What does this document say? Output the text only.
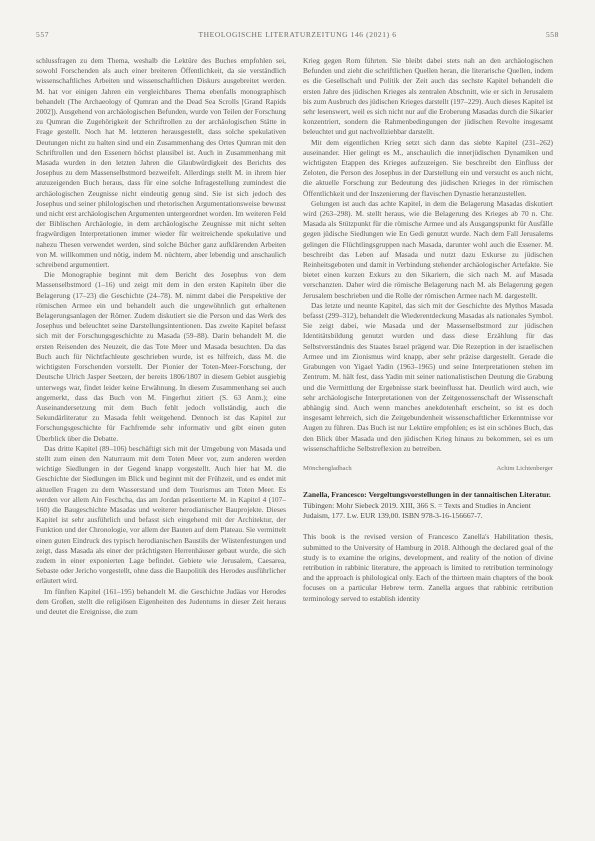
557	THEOLOGISCHE LITERATURZEITUNG 146 (2021) 6	558

schlussfragen zu dem Thema, weshalb die Lektüre des Buches empfohlen sei, sowohl Forschenden als auch einer breiteren Öffentlichkeit, da sie verständlich wissenschaftliches Arbeiten und wissenschaftlichen Diskurs ausgebreitet werden. M. hat vor einigen Jahren ein vergleichbares Thema ebenfalls monographisch behandelt (The Archaeology of Qumran and the Dead Sea Scrolls [Grand Rapids 2002]). Ausgehend von archäologischen Befunden, wurde von Teilen der Forschung zu Qumran die Zugehörigkeit der Schriftrollen zu der archäologischen Stätte in Frage gestellt. Noch hat M. letzteren herausgestellt, dass solche spekulativen Deutungen nicht zu halten sind und ein Zusammenhang des Ortes Qumran mit den Schriftrollen und den Essenern höchst plausibel ist. Auch in Zusammenhang mit Masada wurden in den letzten Jahren die Glaubwürdigkeit des Berichts des Josephus zu dem Massenselbstmord bezweifelt. Allerdings stellt M. in ihrem hier anzuzeigenden Buch heraus, dass für eine solche Infragestellung zumindest die archäologischen Zeugnisse nicht eindeutig genug sind. Sie ist sich jedoch des Josephus und seiner philologischen und rhetorischen Argumentationsweise bewusst und nicht erst archäologischen Argumenten untergeordnet worden. Im weiteren Feld der Biblischen Archäologie, in dem archäologische Zeugnisse mit nicht selten fragwürdigen Interpretationen immer wieder für weitreichende spekulative und nahezu Thesen verwendet werden, sind solche Bücher ganz aufklärenden Arbeiten von M. willkommen und nötig, indem M. nüchtern, aber lebendig und anschaulich schreibend argumentiert.

Die Monographie beginnt mit dem Bericht des Josephus von dem Massenselbstmord (1–16) und zeigt mit dem in den ersten Kapiteln über die Belagerung (17–23) die Geschichte (24–78). M. nimmt dabei die Perspektive der römischen Armee ein und behandelt auch die ungewöhnlich gut erhaltenen Belagerungsanlagen der Römer. Zudem diskutiert sie die Person und das Werk des Josephus und beleuchtet seine Darstellungsintentionen. Das zweite Kapitel befasst sich mit der Forschungsgeschichte zu Masada (59–88). Darin behandelt M. die ersten Reisenden des Neuzeit, die das Tote Meer und Masada besuchten. Da das Buch auch für Nichtfachleute geschrieben wurde, ist es hilfreich, dass M. die wichtigsten Forschenden vorstellt. Der Pionier der Toten-Meer-Forschung, der Deutsche Ulrich Jasper Seetzen, der bereits 1806/1807 in diesem Gebiet ausgiebig unterwegs war, findet leider keine Erwähnung. In diesem Zusammenhang sei auch angemerkt, dass das Buch von M. Fingerhut zitiert (S. 63 Anm.); eine Auseinandersetzung mit dem Buch fehlt jedoch vollständig, auch die Sekundärliteratur zu Masada fehlt weitgehend. Dennoch ist das Kapitel zur Forschungsgeschichte für Fachfremde sehr informativ und gibt einen guten Überblick über die Debatte.

Das dritte Kapitel (89–106) beschäftigt sich mit der Umgebung von Masada und stellt zum einen den Naturraum mit dem Toten Meer vor, zum anderen werden wichtige Siedlungen in der Gegend knapp vorgestellt. Auch hier hat M. die Geschichte der Siedlungen im Blick und beginnt mit der Frühzeit, und es endet mit aktuellen Fragen zu dem Wasserstand und dem Tourismus am Toten Meer. Es werden vor allem Ain Feschcha, das am Jordan präsentierte M. in Kapitel 4 (107–160) die Baugeschichte Masadas und weiterer herodianischer Bauprojekte. Dieses Kapitel ist sehr ausführlich und befasst sich eingehend mit der Architektur, der Funktion und der Chronologie, vor allem der Bauten auf dem Plateau. Sie vermittelt einen guten Eindruck des typisch herodianischen Baustils der Wüstenfestungen und zeigt, dass Masada als einer der prächtigsten Herrenhäuser gebaut wurde, die sich zudem in einer exponierten Lage befindet. Gebiete wie Jerusalem, Caesarea, Sebaste oder Jericho vorgestellt, ohne dass die Baupolitik des Herodes ausführlicher erläutert wird.

Im fünften Kapitel (161–195) behandelt M. die Geschichte Judäas vor Herodes dem Großen, stellt die religiösen Eigenheiten des Judentums in dieser Zeit heraus und deutet die Ereignisse, die zum

Krieg gegen Rom führten. Sie bleibt dabei stets nah an den archäologischen Befunden und zieht die schriftlichen Quellen heran, die literarische Quellen, indem es die Gesellschaft und Politik der Zeit auch das sechste Kapitel behandelt die ersten Jahre des jüdischen Krieges als zentralen Abschnitt, wie er sich in Jerusalem bis zum Ausbruch des jüdischen Krieges darstellt (197–229). Auch dieses Kapitel ist sehr lesenswert, weil es sich nicht nur auf die Eroberung Masadas durch die Sikarier konzentriert, sondern die Rahmenbedingungen der jüdischen Revolte insgesamt beleuchtet und gut nachvollziehbar darstellt.

Mit dem eigentlichen Krieg setzt sich dann das siebte Kapitel (231–262) auseinander. Hier gelingt es M., anschaulich die innerjüdischen Dynamiken und wichtigsten Etappen des Krieges aufzuzeigen. Sie beschreibt den Einfluss der Zeloten, die Person des Josephus in der Darstellung ein und versucht es auch nicht, die aktuelle Forschung zur Bedeutung des jüdischen Krieges in der römischen Öffentlichkeit und der Inszenierung der flavischen Dynastie heranzustellen.

Gelungen ist auch das achte Kapitel, in dem die Belagerung Masadas diskutiert wird (263–298). M. stellt heraus, wie die Belagerung des Krieges ab 70 n. Chr. Masada als Stützpunkt für die römische Armee und als Ausgangspunkt für Ausfälle gegen jüdische Siedlungen wie En Gedi genutzt wurde. Nach dem Fall Jerusalems gelingen die Flüchtlingsgruppen nach Masada, darunter wohl auch die Essener. M. beschreibt das Leben auf Masada und nutzt dazu Exkurse zu jüdischen Reinheitsgeboten und damit in Verbindung stehender archäologischer Artefakte. Sie bietet einen kurzen Exkurs zu den Sikariern, die sich nach M. auf Masada verschanzten. Daher wird die römische Belagerung nach M. als Belagerung gegen Jerusalem beschrieben und die Rolle der römischen Armee nach M. dargestellt.

Das letzte und neunte Kapitel, das sich mit der Geschichte des Mythos Masada befasst (299–312), behandelt die Wiederentdeckung Masadas als nationales Symbol. Sie zeigt dabei, wie Masada und der Massenselbstmord zur jüdischen Identitätsbildung genutzt wurden und dass diese Erzählung für das Selbstverständnis des Staates Israel prägend war. Die Rezeption in der israelischen Armee und im Zionismus wird knapp, aber sehr präzise dargestellt. Gerade die Grabungen von Yigael Yadin (1963–1965) und seine Interpretationen stehen im Zentrum. M. hält fest, dass Yadin mit seiner nationalistischen Deutung die Grabung und die Vermittlung der Ergebnisse stark beeinflusst hat. Deutlich wird auch, wie sehr archäologische Interpretationen von der Zeitgenossenschaft der Wissenschaft abhängig sind. Auch wenn manches anekdotenhaft erscheint, so ist es doch insgesamt lehrreich, sich die Zeitgebundenheit wissenschaftlicher Erkenntnisse vor Augen zu führen. Das Buch ist nur Lektüre empfohlen; es ist ein schönes Buch, das den Blick über Masada und den jüdischen Krieg hinaus zu bekommen, sei es um wissenschaftliche Selbstreflexion zu betreiben.

Mönchengladbach	Achim Lichtenberger
Zanella, Francesco: Vergeltungsvorstellungen in der tannaitischen Literatur. Tübingen: Mohr Siebeck 2019. XIII, 366 S. = Texts and Studies in Ancient Judaism, 177. Lw. EUR 139,00. ISBN 978-3-16-156667-7.

This book is the revised version of Francesco Zanella's Habilitation thesis, submitted to the University of Hamburg in 2018. Although the declared goal of the study is to examine the origins, development, and reality of the notion of divine retribution in rabbinic literature, the approach is limited to retribution terminology and the approach is philological only. Each of the thirteen main chapters of the book focuses on a particular Hebrew term. Zanella argues that rabbinic retribution terminology served to establish identity
